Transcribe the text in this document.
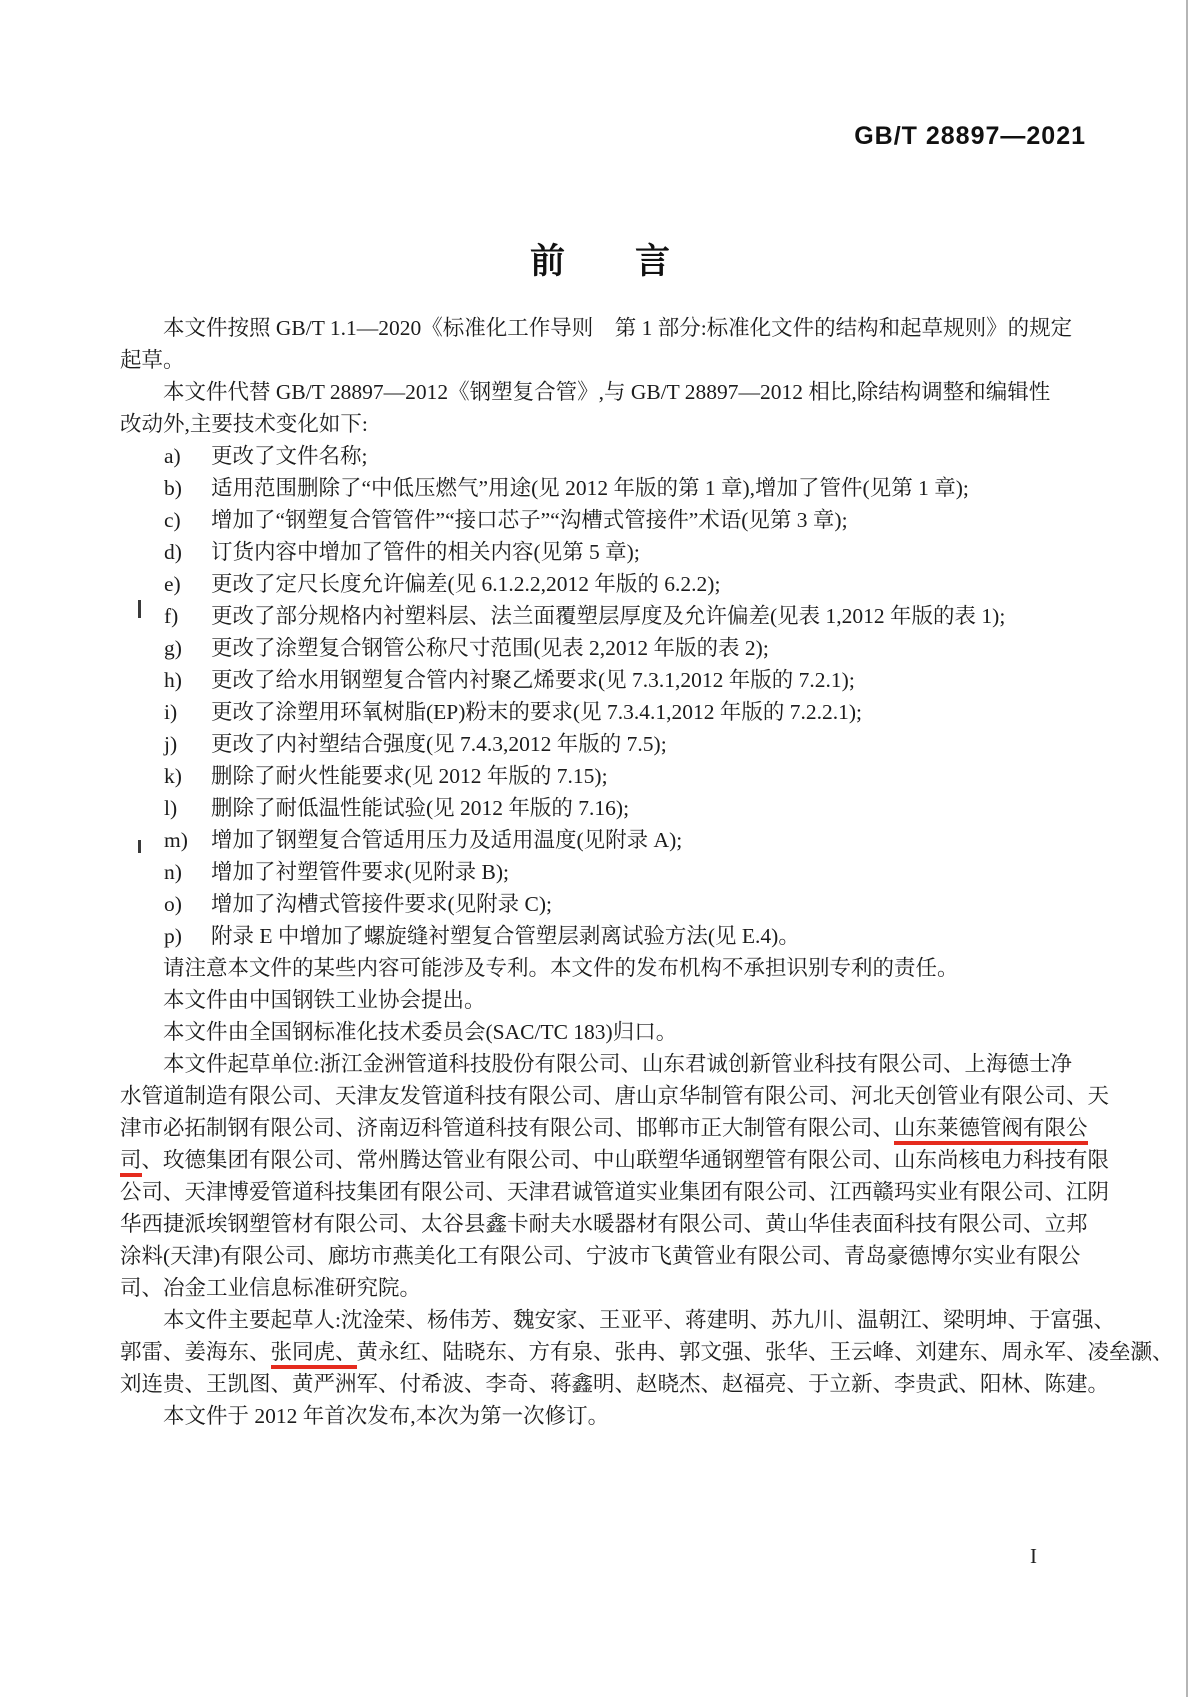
GB/T 28897—2021
前　　言
本文件按照 GB/T 1.1—2020《标准化工作导则　第 1 部分:标准化文件的结构和起草规则》的规定
起草。
本文件代替 GB/T 28897—2012《钢塑复合管》,与 GB/T 28897—2012 相比,除结构调整和编辑性
改动外,主要技术变化如下:
a) 更改了文件名称;
b) 适用范围删除了“中低压燃气”用途(见 2012 年版的第 1 章),增加了管件(见第 1 章);
c) 增加了“钢塑复合管管件”“接口芯子”“沟槽式管接件”术语(见第 3 章);
d) 订货内容中增加了管件的相关内容(见第 5 章);
e) 更改了定尺长度允许偏差(见 6.1.2.2,2012 年版的 6.2.2);
f) 更改了部分规格内衬塑料层、法兰面覆塑层厚度及允许偏差(见表 1,2012 年版的表 1);
g) 更改了涂塑复合钢管公称尺寸范围(见表 2,2012 年版的表 2);
h) 更改了给水用钢塑复合管内衬聚乙烯要求(见 7.3.1,2012 年版的 7.2.1);
i) 更改了涂塑用环氧树脂(EP)粉末的要求(见 7.3.4.1,2012 年版的 7.2.2.1);
j) 更改了内衬塑结合强度(见 7.4.3,2012 年版的 7.5);
k) 删除了耐火性能要求(见 2012 年版的 7.15);
l) 删除了耐低温性能试验(见 2012 年版的 7.16);
m) 增加了钢塑复合管适用压力及适用温度(见附录 A);
n) 增加了衬塑管件要求(见附录 B);
o) 增加了沟槽式管接件要求(见附录 C);
p) 附录 E 中增加了螺旋缝衬塑复合管塑层剥离试验方法(见 E.4)。
请注意本文件的某些内容可能涉及专利。本文件的发布机构不承担识别专利的责任。
本文件由中国钢铁工业协会提出。
本文件由全国钢标准化技术委员会(SAC/TC 183)归口。
本文件起草单位:浙江金洲管道科技股份有限公司、山东君诚创新管业科技有限公司、上海德士净
水管道制造有限公司、天津友发管道科技有限公司、唐山京华制管有限公司、河北天创管业有限公司、天
津市必拓制钢有限公司、济南迈科管道科技有限公司、邯郸市正大制管有限公司、山东莱德管阀有限公
司、玫德集团有限公司、常州腾达管业有限公司、中山联塑华通钢塑管有限公司、山东尚核电力科技有限
公司、天津博爱管道科技集团有限公司、天津君诚管道实业集团有限公司、江西赣玛实业有限公司、江阴
华西捷派埃钢塑管材有限公司、太谷县鑫卡耐夫水暖器材有限公司、黄山华佳表面科技有限公司、立邦
涂料(天津)有限公司、廊坊市燕美化工有限公司、宁波市飞黄管业有限公司、青岛豪德博尔实业有限公
司、冶金工业信息标准研究院。
本文件主要起草人:沈淦荣、杨伟芳、魏安家、王亚平、蒋建明、苏九川、温朝江、梁明坤、于富强、
郭雷、姜海东、张同虎、黄永红、陆晓东、方有泉、张冉、郭文强、张华、王云峰、刘建东、周永军、凌垒灏、
刘连贵、王凯图、黄严洲军、付希波、李奇、蒋鑫明、赵晓杰、赵福亮、于立新、李贵武、阳林、陈建。
本文件于 2012 年首次发布,本次为第一次修订。
I
